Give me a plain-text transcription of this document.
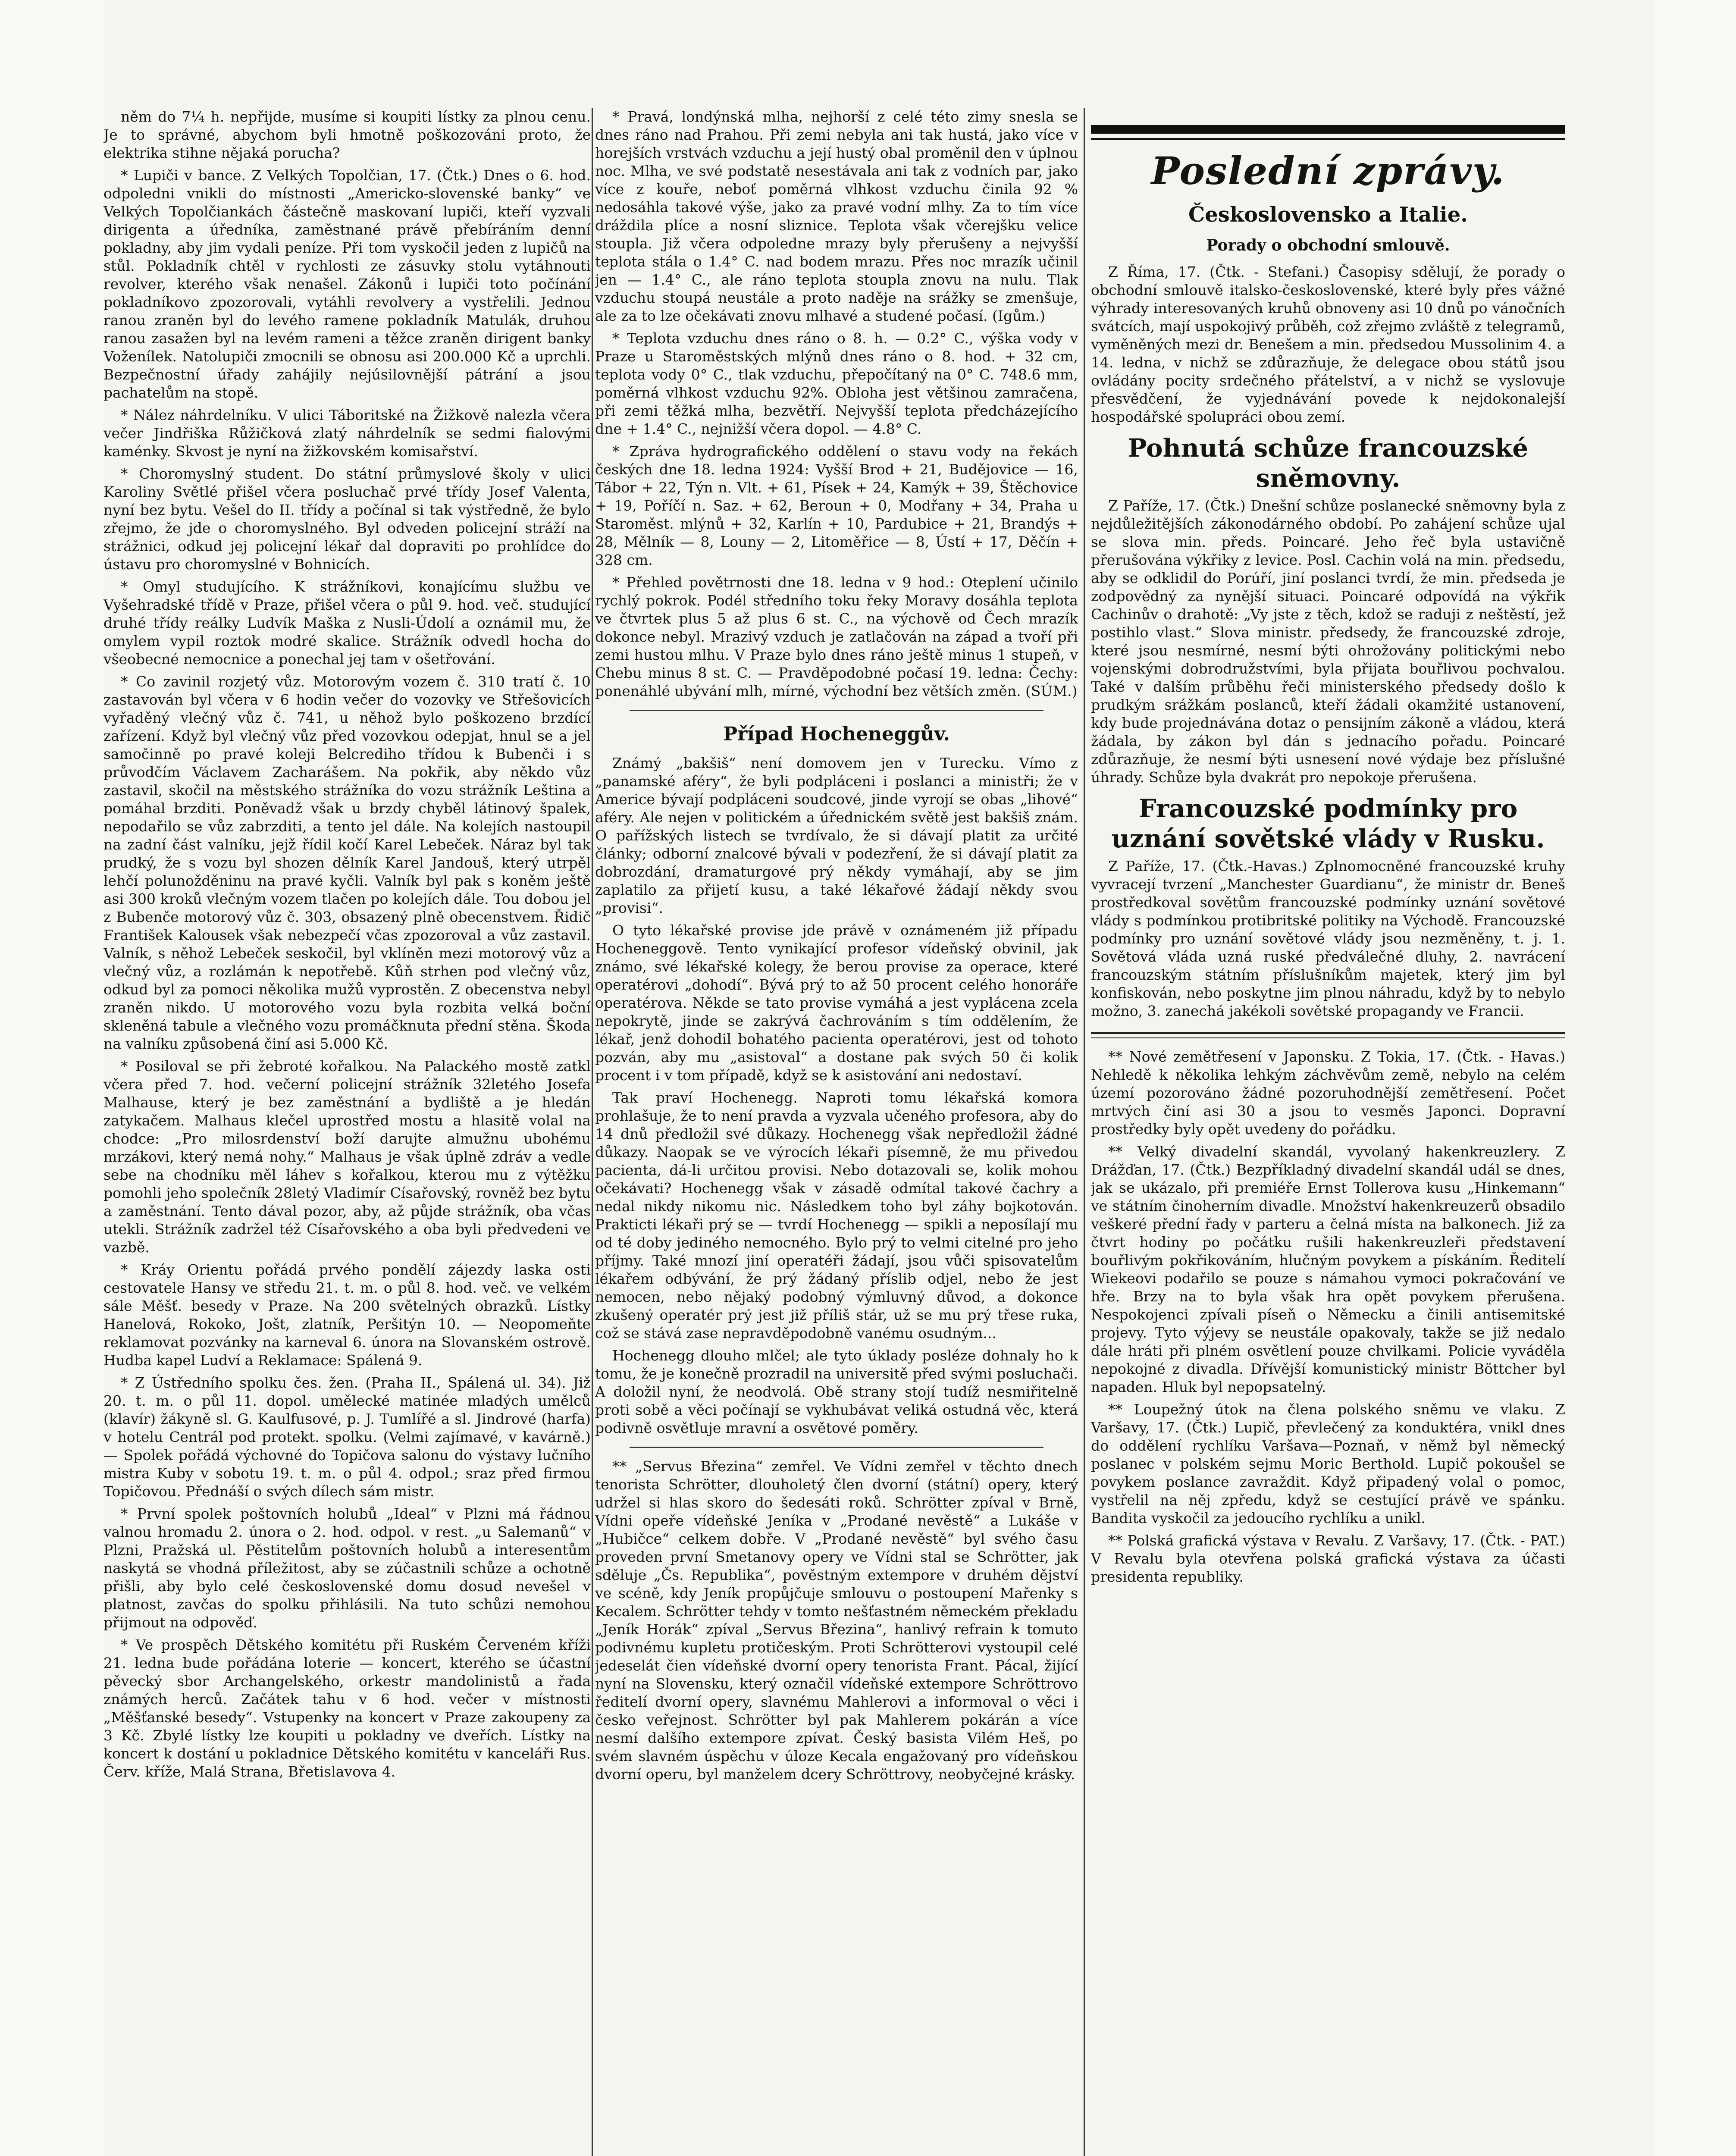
něm do 7¼ h. nepřijde, musíme si koupiti lístky za plnou cenu. Je to správné, abychom byli hmotně poškozováni proto, že elektrika stihne nějaká porucha?

* Lupiči v bance. Z Velkých Topolčian, 17. (Čtk.) Dnes o 6. hod. odpoledni vnikli do místnosti „Americko-slovenské banky“ ve Velkých Topolčiankách částečně maskovaní lupiči, kteří vyzvali dirigenta a úředníka, zaměstnané právě přebíráním denní pokladny, aby jim vydali peníze. Při tom vyskočil jeden z lupičů na stůl. Pokladník chtěl v rychlosti ze zásuvky stolu vytáhnouti revolver, kterého však nenašel. Zákonů i lupiči toto počínání pokladníkovo zpozorovali, vytáhli revolvery a vystřelili. Jednou ranou zraněn byl do levého ramene pokladník Matulák, druhou ranou zasažen byl na levém rameni a těžce zraněn dirigent banky Voženílek. Natolupiči zmocnili se obnosu asi 200.000 Kč a uprchli. Bezpečnostní úřady zahájily nejúsilovnější pátrání a jsou pachatelům na stopě.

* Nález náhrdelníku. V ulici Táboritské na Žižkově nalezla včera večer Jindřiška Růžičková zlatý náhrdelník se sedmi fialovými kaménky. Skvost je nyní na žižkovském komisařství.

* Choromyslný student. Do státní průmyslové školy v ulici Karoliny Světlé přišel včera posluchač prvé třídy Josef Valenta, nyní bez bytu. Vešel do II. třídy a počínal si tak výstředně, že bylo zřejmo, že jde o choromyslného. Byl odveden policejní stráží na strážnici, odkud jej policejní lékař dal dopraviti po prohlídce do ústavu pro choromyslné v Bohnicích.

* Omyl studujícího. K strážníkovi, konajícímu službu ve Vyšehradské třídě v Praze, přišel včera o půl 9. hod. več. studující druhé třídy reálky Ludvík Maška z Nusli-Údolí a oznámil mu, že omylem vypil roztok modré skalice. Strážník odvedl hocha do všeobecné nemocnice a ponechal jej tam v ošetřování.

* Co zavinil rozjetý vůz. Motorovým vozem č. 310 tratí č. 10 zastavován byl včera v 6 hodin večer do vozovky ve Střešovicích vyřaděný vlečný vůz č. 741, u něhož bylo poškozeno brzdící zařízení. Když byl vlečný vůz před vozovkou odepjat, hnul se a jel samočinně po pravé koleji Belcrediho třídou k Bubenči i s průvodčím Václavem Zacharášem. Na pokřik, aby někdo vůz zastavil, skočil na městského strážníka do vozu strážník Leština a pomáhal brzditi. Poněvadž však u brzdy chyběl látinový špalek, nepodařilo se vůz zabrzditi, a tento jel dále. Na kolejích nastoupil na zadní část valníku, jejž řídil kočí Karel Lebeček. Náraz byl tak prudký, že s vozu byl shozen dělník Karel Jandouš, který utrpěl lehčí polunožděninu na pravé kyčli. Valník byl pak s koněm ještě asi 300 kroků vlečným vozem tlačen po kolejích dále. Tou dobou jel z Bubenče motorový vůz č. 303, obsazený plně obecenstvem. Řidič František Kalousek však nebezpečí včas zpozoroval a vůz zastavil. Valník, s něhož Lebeček seskočil, byl vklíněn mezi motorový vůz a vlečný vůz, a rozlámán k nepotřebě. Kůň strhen pod vlečný vůz, odkud byl za pomoci několika mužů vyprostěn. Z obecenstva nebyl zraněn nikdo. U motorového vozu byla rozbita velká boční skleněná tabule a vlečného vozu promáčknuta přední stěna. Škoda na valníku způsobená činí asi 5.000 Kč.

* Posiloval se při žebroté kořalkou. Na Palackého mostě zatkl včera před 7. hod. večerní policejní strážník 32letého Josefa Malhause, který je bez zaměstnání a bydliště a je hledán zatykačem. Malhaus klečel uprostřed mostu a hlasitě volal na chodce: „Pro milosrdenství boží darujte almužnu ubohému mrzákovi, který nemá nohy.“ Malhaus je však úplně zdráv a vedle sebe na chodníku měl láhev s kořalkou, kterou mu z výtěžku pomohli jeho společník 28letý Vladimír Císařovský, rovněž bez bytu a zaměstnání. Tento dával pozor, aby, až půjde strážník, oba včas utekli. Strážník zadržel též Císařovského a oba byli předvedeni ve vazbě.

* Kráy Orientu pořádá prvého pondělí zájezdy laska osti cestovatele Hansy ve středu 21. t. m. o půl 8. hod. več. ve velkém sále Měšť. besedy v Praze. Na 200 světelných obrazků. Lístky Hanelová, Rokoko, Jošt, zlatník, Peršitýn 10. — Neopomeňte reklamovat pozvánky na karneval 6. února na Slovanském ostrově. Hudba kapel Ludví a Reklamace: Spálená 9.

* Z Ústředního spolku čes. žen. (Praha II., Spálená ul. 34). Již 20. t. m. o půl 11. dopol. umělecké matinée mladých umělců (klavír) žákyně sl. G. Kaulfusové, p. J. Tumlířé a sl. Jindrové (harfa) v hotelu Centrál pod protekt. spolku. (Velmi zajímavé, v kavárně.) — Spolek pořádá výchovné do Topičova salonu do výstavy lučního mistra Kuby v sobotu 19. t. m. o půl 4. odpol.; sraz před firmou Topičovou. Přednáší o svých dílech sám mistr.

* První spolek poštovních holubů „Ideal“ v Plzni má řádnou valnou hromadu 2. února o 2. hod. odpol. v rest. „u Salemanů“ v Plzni, Pražská ul. Pěstitelům poštovních holubů a interesentům naskytá se vhodná příležitost, aby se zúčastnili schůze a ochotně přišli, aby bylo celé československé domu dosud nevešel v platnost, zavčas do spolku přihlásili. Na tuto schůzi nemohou přijmout na odpověď.

* Ve prospěch Dětského komitétu při Ruském Červeném kříži 21. ledna bude pořádána loterie — koncert, kterého se účastní pěvecký sbor Archangelského, orkestr mandolinistů a řada známých herců. Začátek tahu v 6 hod. večer v místnosti „Měšťanské besedy“. Vstupenky na koncert v Praze zakoupeny za 3 Kč. Zbylé lístky lze koupiti u pokladny ve dveřích. Lístky na koncert k dostání u pokladnice Dětského komitétu v kanceláři Rus. Červ. kříže, Malá Strana, Břetislavova 4.

* Pravá, londýnská mlha, nejhorší z celé této zimy snesla se dnes ráno nad Prahou. Při zemi nebyla ani tak hustá, jako více v horejších vrstvách vzduchu a její hustý obal proměnil den v úplnou noc. Mlha, ve své podstatě nesestávala ani tak z vodních par, jako více z kouře, neboť poměrná vlhkost vzduchu činila 92 % nedosáhla takové výše, jako za pravé vodní mlhy. Za to tím více dráždila plíce a nosní sliznice. Teplota však včerejšku velice stoupla. Již včera odpoledne mrazy byly přerušeny a nejvyšší teplota stála o 1.4° C. nad bodem mrazu. Přes noc mrazík učinil jen — 1.4° C., ale ráno teplota stoupla znovu na nulu. Tlak vzduchu stoupá neustále a proto naděje na srážky se zmenšuje, ale za to lze očekávati znovu mlhavé a studené počasí. (Igům.)

* Teplota vzduchu dnes ráno o 8. h. — 0.2° C., výška vody v Praze u Staroměstských mlýnů dnes ráno o 8. hod. + 32 cm, teplota vody 0° C., tlak vzduchu, přepočítaný na 0° C. 748.6 mm, poměrná vlhkost vzduchu 92%. Obloha jest většinou zamračena, při zemi těžká mlha, bezvětří. Nejvyšší teplota předcházejícího dne + 1.4° C., nejnižší včera dopol. — 4.8° C.

* Zpráva hydrografického oddělení o stavu vody na řekách českých dne 18. ledna 1924: Vyšší Brod + 21, Budějovice — 16, Tábor + 22, Týn n. Vlt. + 61, Písek + 24, Kamýk + 39, Štěchovice + 19, Poříčí n. Saz. + 62, Beroun + 0, Modřany + 34, Praha u Staroměst. mlýnů + 32, Karlín + 10, Pardubice + 21, Brandýs + 28, Mělník — 8, Louny — 2, Litoměřice — 8, Ústí + 17, Děčín + 328 cm.

* Přehled povětrnosti dne 18. ledna v 9 hod.: Oteplení učinilo rychlý pokrok. Podél středního toku řeky Moravy dosáhla teplota ve čtvrtek plus 5 až plus 6 st. C., na výchově od Čech mrazík dokonce nebyl. Mrazivý vzduch je zatlačován na západ a tvoří při zemi hustou mlhu. V Praze bylo dnes ráno ještě minus 1 stupeň, v Chebu minus 8 st. C. — Pravděpodobné počasí 19. ledna: Čechy: ponenáhlé ubývání mlh, mírné, východní bez větších změn. (SÚM.)

Případ Hocheneggův.

Známý „bakšiš“ není domovem jen v Turecku. Vímo z „panamské aféry“, že byli podpláceni i poslanci a ministři; že v Americe bývají podpláceni soudcové, jinde vyrojí se obas „lihové“ aféry. Ale nejen v politickém a úřednickém světě jest bakšiš znám. O pařížských listech se tvrdívalo, že si dávají platit za určité články; odborní znalcové bývali v podezření, že si dávají platit za dobrozdání, dramaturgové prý někdy vymáhají, aby se jim zaplatilo za přijetí kusu, a také lékařové žádají někdy svou „provisi“.

O tyto lékařské provise jde právě v oznámeném již případu Hocheneggově. Tento vynikající profesor vídeňský obvinil, jak známo, své lékařské kolegy, že berou provise za operace, které operatérovi „dohodí“. Bývá prý to až 50 procent celého honoráře operatérova. Někde se tato provise vymáhá a jest vyplácena zcela nepokrytě, jinde se zakrývá čachrováním s tím oddělením, že lékař, jenž dohodil bohatého pacienta operatérovi, jest od tohoto pozván, aby mu „asistoval“ a dostane pak svých 50 či kolik procent i v tom případě, když se k asistování ani nedostaví.

Tak praví Hochenegg. Naproti tomu lékařská komora prohlašuje, že to není pravda a vyzvala učeného profesora, aby do 14 dnů předložil své důkazy. Hochenegg však nepředložil žádné důkazy. Naopak se ve výrocích lékaři písemně, že mu přivedou pacienta, dá-li určitou provisi. Nebo dotazovali se, kolik mohou očekávati? Hochenegg však v zásadě odmítal takové čachry a nedal nikdy nikomu nic. Následkem toho byl záhy bojkotován. Prakticti lékaři prý se — tvrdí Hochenegg — spikli a neposílají mu od té doby jediného nemocného. Bylo prý to velmi citelné pro jeho příjmy. Také mnozí jiní operatéři žádají, jsou vůči spisovatelům lékařem odbývání, že prý žádaný příslib odjel, nebo že jest nemocen, nebo nějaký podobný výmluvný důvod, a dokonce zkušený operatér prý jest již příliš stár, už se mu prý třese ruka, což se stává zase nepravděpodobně vanému osudným...

Hochenegg dlouho mlčel; ale tyto úklady posléze dohnaly ho k tomu, že je konečně prozradil na universitě před svými posluchači. A doložil nyní, že neodvolá. Obě strany stojí tudíž nesmiřitelně proti sobě a věci počínají se vykhubávat veliká ostudná věc, která podivně osvětluje mravní a osvětové poměry.

** „Servus Březina“ zemřel. Ve Vídni zemřel v těchto dnech tenorista Schrötter, dlouholetý člen dvorní (státní) opery, který udržel si hlas skoro do šedesáti roků. Schrötter zpíval v Brně, Vídni opeře vídeňské Jeníka v „Prodané nevěstě“ a Lukáše v „Hubičce“ celkem dobře. V „Prodané nevěstě“ byl svého času proveden první Smetanovy opery ve Vídni stal se Schrötter, jak sděluje „Čs. Republika“, pověstným extempore v druhém dějství ve scéně, kdy Jeník propůjčuje smlouvu o postoupení Mařenky s Kecalem. Schrötter tehdy v tomto nešťastném německém překladu „Jeník Horák“ zpíval „Servus Březina“, hanlivý refrain k tomuto podivnému kupletu protičeským. Proti Schrötterovi vystoupil celé jedeselát čien vídeňské dvorní opery tenorista Frant. Pácal, žijící nyní na Slovensku, který označil vídeňské extempore Schröttrovo ředitelí dvorní opery, slavnému Mahlerovi a informoval o věci i česko veřejnost. Schrötter byl pak Mahlerem pokárán a více nesmí dalšího extempore zpívat. Český basista Vilém Heš, po svém slavném úspěchu v úloze Kecala engažovaný pro vídeňskou dvorní operu, byl manželem dcery Schröttrovy, neobyčejné krásky.

Poslední zprávy.
Československo a Italie.
Porady o obchodní smlouvě.

Z Říma, 17. (Čtk. - Stefani.) Časopisy sdělují, že porady o obchodní smlouvě italsko-československé, které byly přes vážné výhrady interesovaných kruhů obnoveny asi 10 dnů po vánočních svátcích, mají uspokojivý průběh, což zřejmo zvláště z telegramů, vyměněných mezi dr. Benešem a min. předsedou Mussolinim 4. a 14. ledna, v nichž se zdůrazňuje, že delegace obou států jsou ovládány pocity srdečného přátelství, a v nichž se vyslovuje přesvědčení, že vyjednávání povede k nejdokonalejší hospodářské spolupráci obou zemí.

Pohnutá schůze francouzské sněmovny.

Z Paříže, 17. (Čtk.) Dnešní schůze poslanecké sněmovny byla z nejdůležitějších zákonodárného období. Po zahájení schůze ujal se slova min. předs. Poincaré. Jeho řeč byla ustavičně přerušována výkřiky z levice. Posl. Cachin volá na min. předsedu, aby se odklidil do Porúří, jiní poslanci tvrdí, že min. předseda je zodpovědný za nynější situaci. Poincaré odpovídá na výkřik Cachinův o drahotě: „Vy jste z těch, kdož se raduji z neštěstí, jež postihlo vlast.“ Slova ministr. předsedy, že francouzské zdroje, které jsou nesmírné, nesmí býti ohrožovány politickými nebo vojenskými dobrodružstvími, byla přijata bouřlivou pochvalou. Také v dalším průběhu řeči ministerského předsedy došlo k prudkým srážkám poslanců, kteří žádali okamžité ustanovení, kdy bude projednávána dotaz o pensijním zákoně a vládou, která žádala, by zákon byl dán s jednacího pořadu. Poincaré zdůrazňuje, že nesmí býti usnesení nové výdaje bez příslušné úhrady. Schůze byla dvakrát pro nepokoje přerušena.

Francouzské podmínky pro uznání sovětské vlády v Rusku.

Z Paříže, 17. (Čtk.-Havas.) Zplnomocněné francouzské kruhy vyvracejí tvrzení „Manchester Guardianu“, že ministr dr. Beneš prostředkoval sovětům francouzské podmínky uznání sovětové vlády s podmínkou protibritské politiky na Východě. Francouzské podmínky pro uznání sovětové vlády jsou nezměněny, t. j. 1. Sovětová vláda uzná ruské předválečné dluhy, 2. navrácení francouzským státním příslušníkům majetek, který jim byl konfiskován, nebo poskytne jim plnou náhradu, když by to nebylo možno, 3. zanechá jakékoli sovětské propagandy ve Francii.

** Nové zemětřesení v Japonsku. Z Tokia, 17. (Čtk. - Havas.) Nehledě k několika lehkým záchvěvům země, nebylo na celém území pozorováno žádné pozoruhodnější zemětřesení. Počet mrtvých činí asi 30 a jsou to vesměs Japonci. Dopravní prostředky byly opět uvedeny do pořádku.

** Velký divadelní skandál, vyvolaný hakenkreuzlery. Z Drážďan, 17. (Čtk.) Bezpříkladný divadelní skandál udál se dnes, jak se ukázalo, při premiéře Ernst Tollerova kusu „Hinkemann“ ve státním činoherním divadle. Množství hakenkreuzerů obsadilo veškeré přední řady v parteru a čelná místa na balkonech. Již za čtvrt hodiny po počátku rušili hakenkreuzleři představení bouřlivým pokřikováním, hlučným povykem a pískáním. Ředitelí Wiekeovi podařilo se pouze s námahou vymoci pokračování ve hře. Brzy na to byla však hra opět povykem přerušena. Nespokojenci zpívali píseň o Německu a činili antisemitské projevy. Tyto výjevy se neustále opakovaly, takže se již nedalo dále hráti při plném osvětlení pouze chvilkami. Policie vyváděla nepokojné z divadla. Dřívější komunistický ministr Böttcher byl napaden. Hluk byl nepopsatelný.

** Loupežný útok na člena polského sněmu ve vlaku. Z Varšavy, 17. (Čtk.) Lupič, převlečený za konduktéra, vnikl dnes do oddělení rychlíku Varšava—Poznaň, v němž byl německý poslanec v polském sejmu Moric Berthold. Lupič pokoušel se povykem poslance zavraždit. Když připadený volal o pomoc, vystřelil na něj zpředu, když se cestující právě ve spánku. Bandita vyskočil za jedoucího rychlíku a unikl.

** Polská grafická výstava v Revalu. Z Varšavy, 17. (Čtk. - PAT.) V Revalu byla otevřena polská grafická výstava za účasti presidenta republiky.
